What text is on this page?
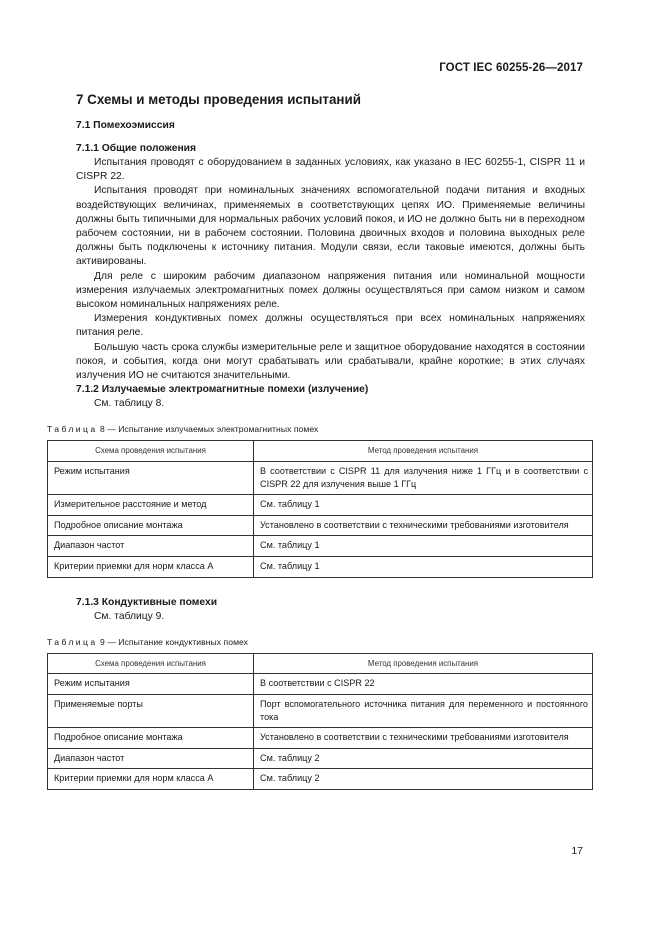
ГОСТ IEC 60255-26—2017
7 Схемы и методы проведения испытаний
7.1 Помехоэмиссия
7.1.1 Общие положения

Испытания проводят с оборудованием в заданных условиях, как указано в IEC 60255-1, CISPR 11 и CISPR 22.

Испытания проводят при номинальных значениях вспомогательной подачи питания и входных воздействующих величинах, применяемых в соответствующих цепях ИО. Применяемые величины должны быть типичными для нормальных рабочих условий покоя, и ИО не должно быть ни в переходном рабочем состоянии, ни в рабочем состоянии. Половина двоичных входов и половина выходных реле должны быть подключены к источнику питания. Модули связи, если таковые имеются, должны быть активированы.

Для реле с широким рабочим диапазоном напряжения питания или номинальной мощности измерения излучаемых электромагнитных помех должны осуществляться при самом низком и самом высоком номинальных напряжениях реле.

Измерения кондуктивных помех должны осуществляться при всех номинальных напряжениях питания реле.

Большую часть срока службы измерительные реле и защитное оборудование находятся в состоянии покоя, и события, когда они могут срабатывать или срабатывали, крайне короткие; в этих случаях излучения ИО не считаются значительными.

7.1.2 Излучаемые электромагнитные помехи (излучение)
См. таблицу 8.
Таблица 8 — Испытание излучаемых электромагнитных помех
Схема проведения испытания	Метод проведения испытания
Режим испытания	В соответствии с CISPR 11 для излучения ниже 1 ГГц и в соответствии с CISPR 22 для излучения выше 1 ГГц
Измерительное расстояние и метод	См. таблицу 1
Подробное описание монтажа	Установлено в соответствии с техническими требованиями изготовителя
Диапазон частот	См. таблицу 1
Критерии приемки для норм класса A	См. таблицу 1
7.1.3 Кондуктивные помехи
См. таблицу 9.
Таблица 9 — Испытание кондуктивных помех
Схема проведения испытания	Метод проведения испытания
Режим испытания	В соответствии с CISPR 22
Применяемые порты	Порт вспомогательного источника питания для переменного и постоянного тока
Подробное описание монтажа	Установлено в соответствии с техническими требованиями изготовителя
Диапазон частот	См. таблицу 2
Критерии приемки для норм класса A	См. таблицу 2
17
